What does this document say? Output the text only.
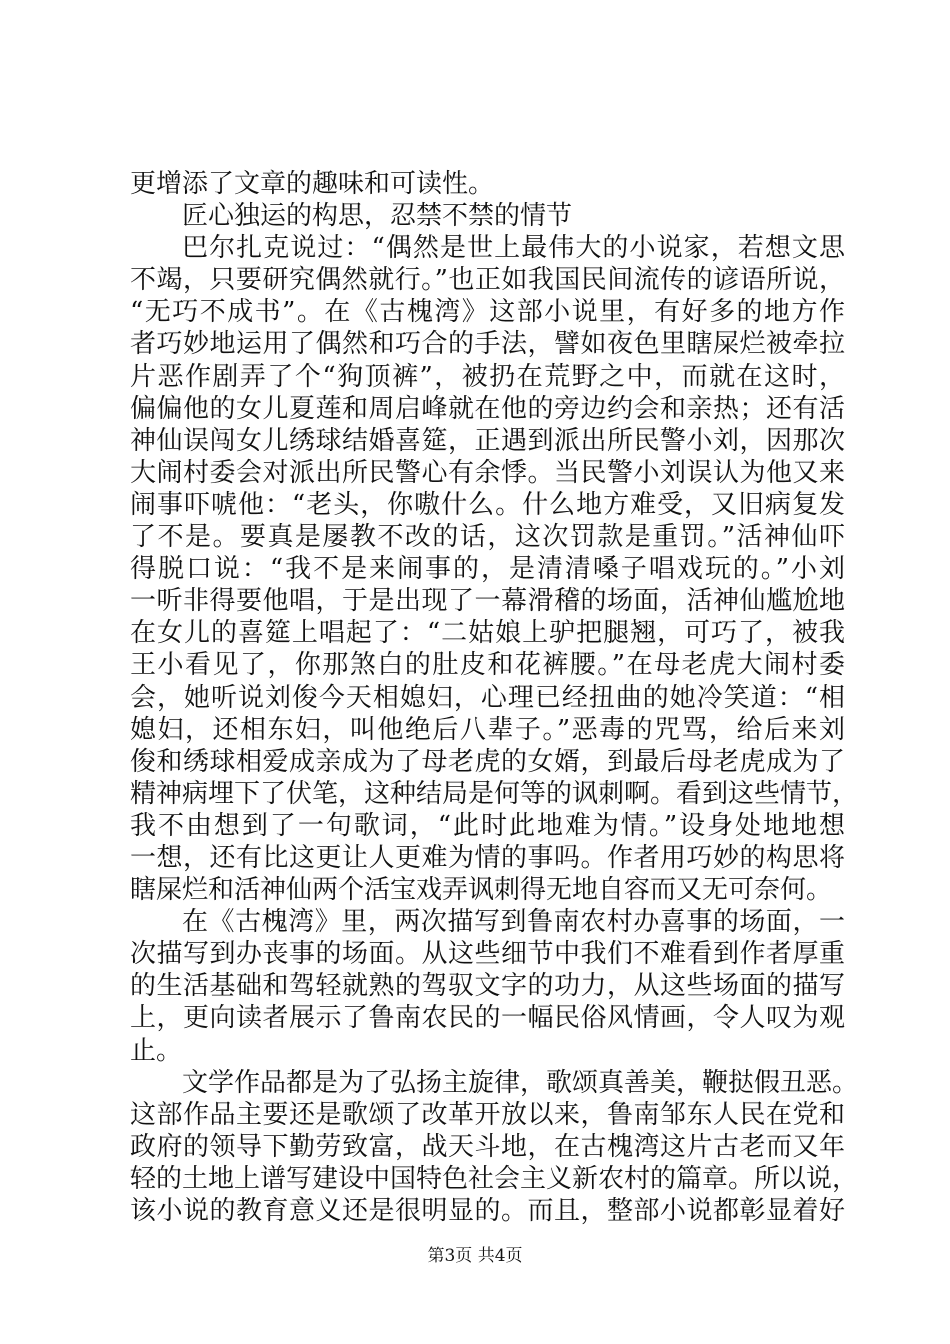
更增添了文章的趣味和可读性。
匠心独运的构思，忍禁不禁的情节
巴尔扎克说过：“偶然是世上最伟大的小说家，若想文思
不竭，只要研究偶然就行。”也正如我国民间流传的谚语所说，
“无巧不成书”。在《古槐湾》这部小说里，有好多的地方作
者巧妙地运用了偶然和巧合的手法，譬如夜色里瞎屎烂被牵拉
片恶作剧弄了个“狗顶裤”，被扔在荒野之中，而就在这时，
偏偏他的女儿夏莲和周启峰就在他的旁边约会和亲热；还有活
神仙误闯女儿绣球结婚喜筵，正遇到派出所民警小刘，因那次
大闹村委会对派出所民警心有余悸。当民警小刘误认为他又来
闹事吓唬他：“老头，你嗷什么。什么地方难受，又旧病复发
了不是。要真是屡教不改的话，这次罚款是重罚。”活神仙吓
得脱口说：“我不是来闹事的，是清清嗓子唱戏玩的。”小刘
一听非得要他唱，于是出现了一幕滑稽的场面，活神仙尴尬地
在女儿的喜筵上唱起了：“二姑娘上驴把腿翘，可巧了，被我
王小看见了，你那煞白的肚皮和花裤腰。”在母老虎大闹村委
会，她听说刘俊今天相媳妇，心理已经扭曲的她冷笑道：“相
媳妇，还相东妇，叫他绝后八辈子。”恶毒的咒骂，给后来刘
俊和绣球相爱成亲成为了母老虎的女婿，到最后母老虎成为了
精神病埋下了伏笔，这种结局是何等的讽刺啊。看到这些情节，
我不由想到了一句歌词，“此时此地难为情。”设身处地地想
一想，还有比这更让人更难为情的事吗。作者用巧妙的构思将
瞎屎烂和活神仙两个活宝戏弄讽刺得无地自容而又无可奈何。
在《古槐湾》里，两次描写到鲁南农村办喜事的场面，一
次描写到办丧事的场面。从这些细节中我们不难看到作者厚重
的生活基础和驾轻就熟的驾驭文字的功力，从这些场面的描写
上，更向读者展示了鲁南农民的一幅民俗风情画，令人叹为观
止。
文学作品都是为了弘扬主旋律，歌颂真善美，鞭挞假丑恶。
这部作品主要还是歌颂了改革开放以来，鲁南邹东人民在党和
政府的领导下勤劳致富，战天斗地，在古槐湾这片古老而又年
轻的土地上谱写建设中国特色社会主义新农村的篇章。所以说，
该小说的教育意义还是很明显的。而且，整部小说都彰显着好
第3页 共4页
